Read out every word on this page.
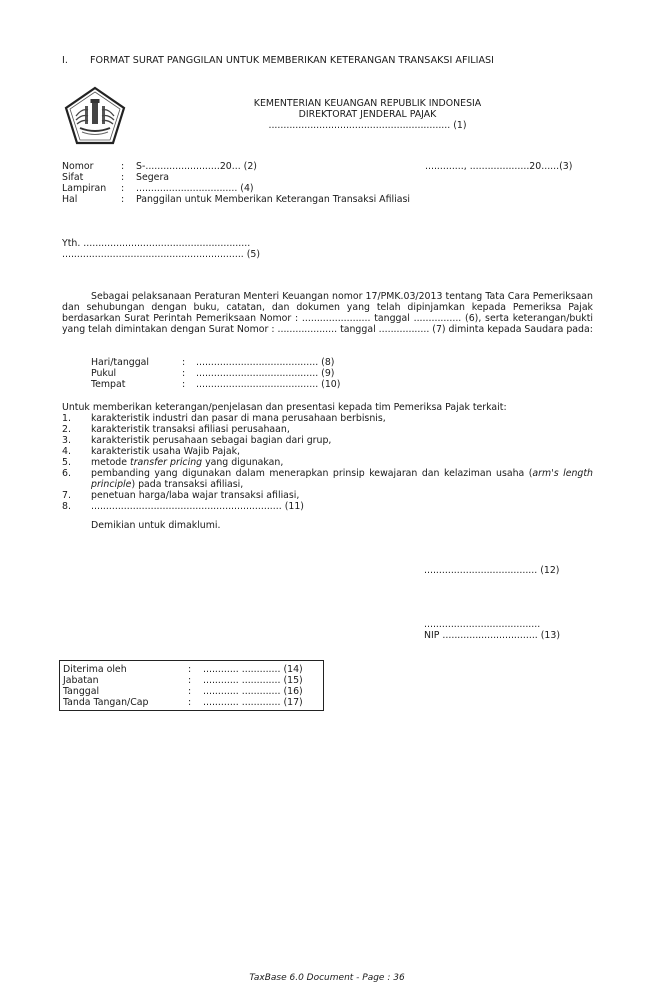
I. FORMAT SURAT PANGGILAN UNTUK MEMBERIKAN KETERANGAN TRANSAKSI AFILIASI
KEMENTERIAN KEUANGAN REPUBLIK INDONESIA
DIREKTORAT JENDERAL PAJAK
............................................................. (1)
Nomor	: S-.........................20... (2)
Sifat	: Segera
Lampiran : .................................. (4)
Hal	: Panggilan untuk Memberikan Keterangan Transaksi Afiliasi
............., ....................20......(3)
Yth. ........................................................
............................................................. (5)

Sebagai pelaksanaan Peraturan Menteri Keuangan nomor 17/PMK.03/2013 tentang Tata Cara Pemeriksaan dan sehubungan dengan buku, catatan, dan dokumen yang telah dipinjamkan kepada Pemeriksa Pajak berdasarkan Surat Perintah Pemeriksaan Nomor : ....................... tanggal ................ (6), serta keterangan/bukti yang telah dimintakan dengan Surat Nomor : .................... tanggal ................. (7) diminta kepada Saudara pada:

Hari/tanggal	: ......................................... (8)
Pukul	: ......................................... (9)
Tempat	: ......................................... (10)
Untuk memberikan keterangan/penjelasan dan presentasi kepada tim Pemeriksa Pajak terkait:
1.	karakteristik industri dan pasar di mana perusahaan berbisnis,
2.	karakteristik transaksi afiliasi perusahaan,
3.	karakteristik perusahaan sebagai bagian dari grup,
4.	karakteristik usaha Wajib Pajak,
5.	metode transfer pricing yang digunakan,
6.	pembanding yang digunakan dalam menerapkan prinsip kewajaran dan kelaziman usaha (arm's length principle) pada transaksi afiliasi,
7.	penetuan harga/laba wajar transaksi afiliasi,
8.	................................................................ (11)
Demikian untuk dimaklumi.
...................................... (12)
.......................................
NIP ................................ (13)
Diterima oleh	: ............ ............. (14)
Jabatan	: ............ ............. (15)
Tanggal	: ............ ............. (16)
Tanda Tangan/Cap	: ............ ............. (17)
TaxBase 6.0 Document - Page : 36
